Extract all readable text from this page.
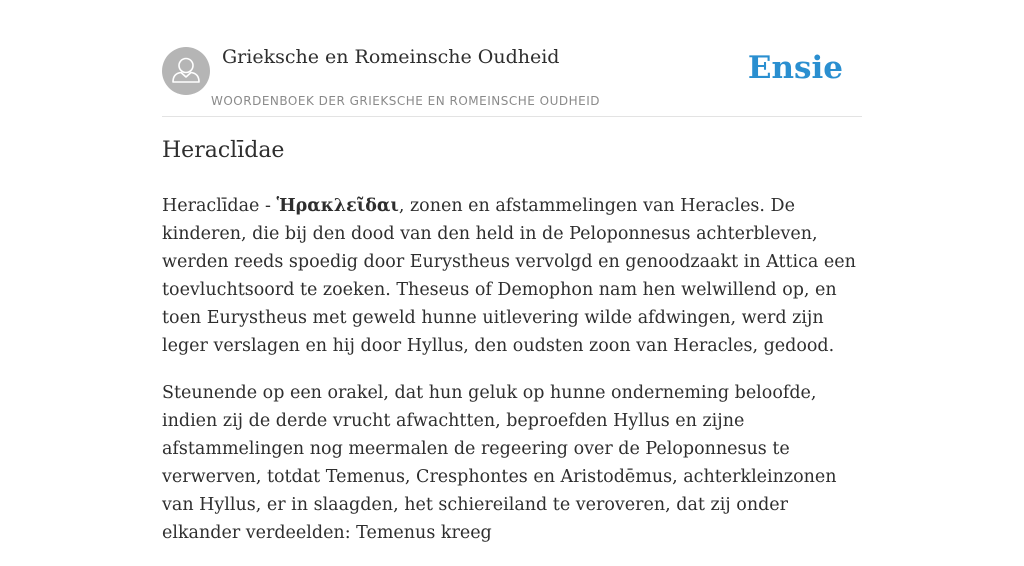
Grieksche en Romeinsche Oudheid
WOORDENBOEK DER GRIEKSCHE EN ROMEINSCHE OUDHEID
Ensie
Heraclīdae

Heraclīdae - Ἡρακλεῖδαι, zonen en afstammelingen van Heracles. De kinderen, die bij den dood van den held in de Peloponnesus achterbleven, werden reeds spoedig door Eurystheus vervolgd en genoodzaakt in Attica een toevluchtsoord te zoeken. Theseus of Demophon nam hen welwillend op, en toen Eurystheus met geweld hunne uitlevering wilde afdwingen, werd zijn leger verslagen en hij door Hyllus, den oudsten zoon van Heracles, gedood.

Steunende op een orakel, dat hun geluk op hunne onderneming beloofde, indien zij de derde vrucht afwachtten, beproefden Hyllus en zijne afstammelingen nog meermalen de regeering over de Peloponnesus te verwerven, totdat Temenus, Cresphontes en Aristodēmus, achterkleinzonen van Hyllus, er in slaagden, het schiereiland te veroveren, dat zij onder elkander verdeelden: Temenus kreeg
